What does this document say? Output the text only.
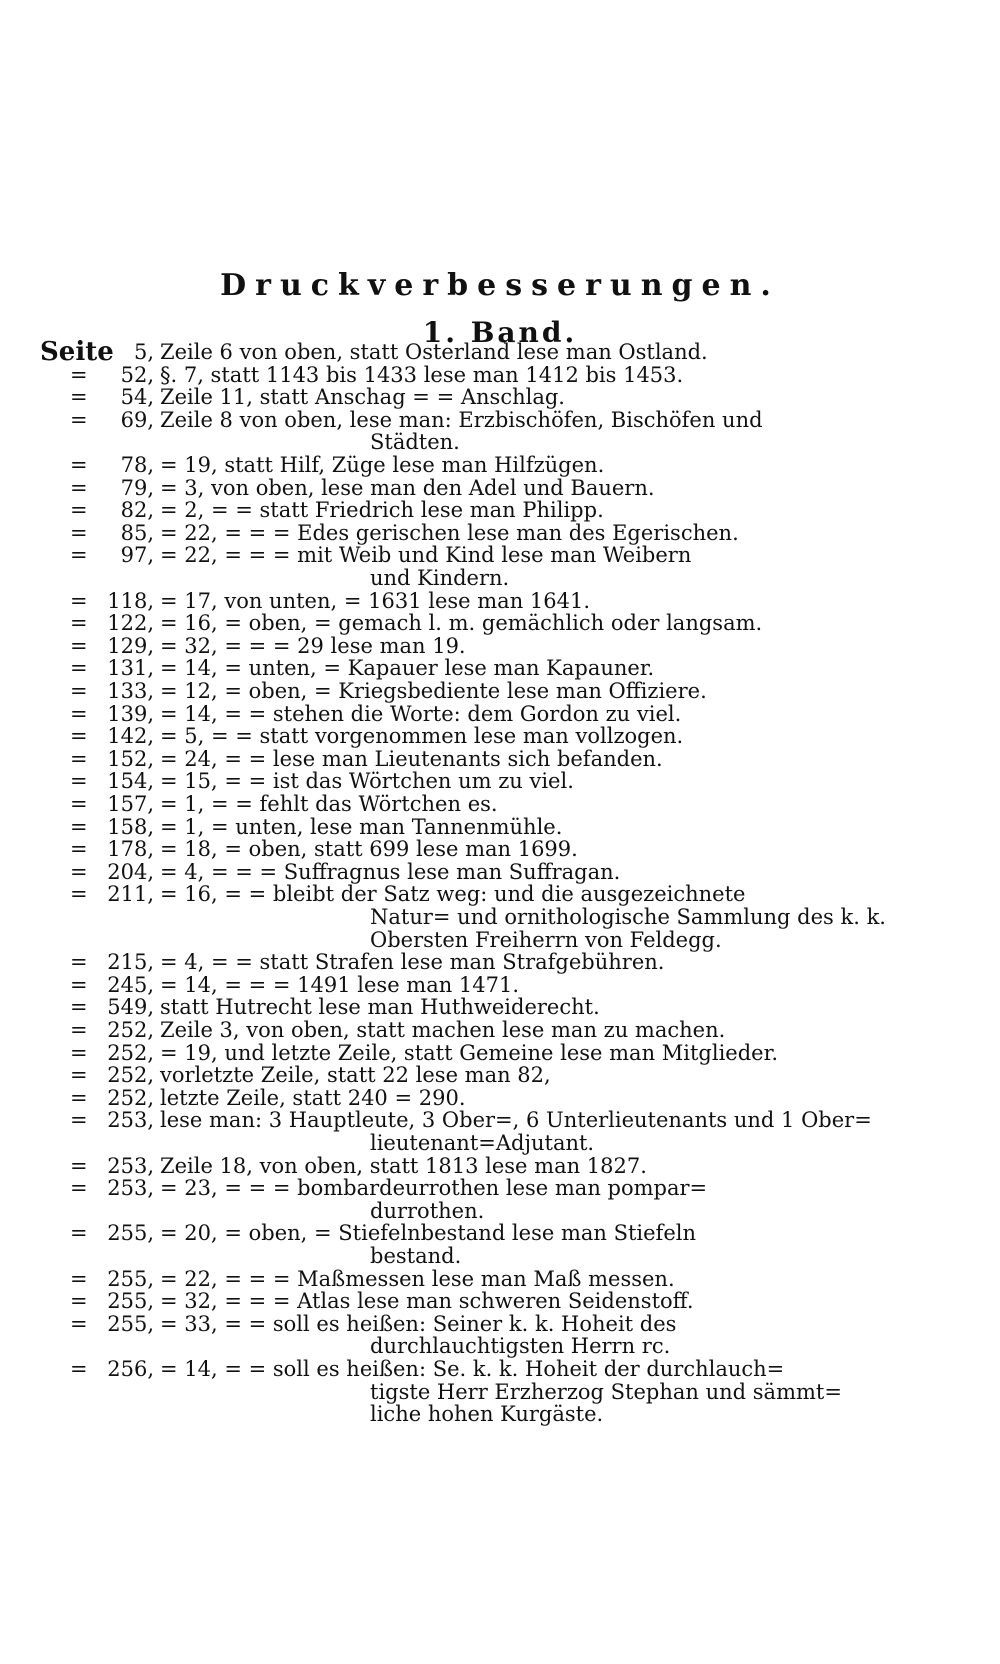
Druckverbesserungen.
1. Band.
Seite 5, Zeile 6 von oben, statt Osterland lese man Ostland.
= 52, §. 7, statt 1143 bis 1433 lese man 1412 bis 1453.
= 54, Zeile 11, statt Anschag = = Anschlag.
= 69, Zeile 8 von oben, lese man: Erzbischöfen, Bischöfen und
Städten.
= 78, = 19, statt Hilf, Züge lese man Hilfzügen.
= 79, = 3, von oben, lese man den Adel und Bauern.
= 82, = 2, = = statt Friedrich lese man Philipp.
= 85, = 22, = = = Edes gerischen lese man des Egerischen.
= 97, = 22, = = = mit Weib und Kind lese man Weibern
und Kindern.
= 118, = 17, von unten, = 1631 lese man 1641.
= 122, = 16, = oben, = gemach l. m. gemächlich oder langsam.
= 129, = 32, = = = 29 lese man 19.
= 131, = 14, = unten, = Kapauer lese man Kapauner.
= 133, = 12, = oben, = Kriegsbediente lese man Offiziere.
= 139, = 14, = = stehen die Worte: dem Gordon zu viel.
= 142, = 5, = = statt vorgenommen lese man vollzogen.
= 152, = 24, = = lese man Lieutenants sich befanden.
= 154, = 15, = = ist das Wörtchen um zu viel.
= 157, = 1, = = fehlt das Wörtchen es.
= 158, = 1, = unten, lese man Tannenmühle.
= 178, = 18, = oben, statt 699 lese man 1699.
= 204, = 4, = = = Suffragnus lese man Suffragan.
= 211, = 16, = = bleibt der Satz weg: und die ausgezeichnete
Natur= und ornithologische Sammlung des k. k.
Obersten Freiherrn von Feldegg.
= 215, = 4, = = statt Strafen lese man Strafgebühren.
= 245, = 14, = = = 1491 lese man 1471.
= 549, statt Hutrecht lese man Huthweiderecht.
= 252, Zeile 3, von oben, statt machen lese man zu machen.
= 252, = 19, und letzte Zeile, statt Gemeine lese man Mitglieder.
= 252, vorletzte Zeile, statt 22 lese man 82,
= 252, letzte Zeile, statt 240 = 290.
= 253, lese man: 3 Hauptleute, 3 Ober=, 6 Unterlieutenants und 1 Ober=
lieutenant=Adjutant.
= 253, Zeile 18, von oben, statt 1813 lese man 1827.
= 253, = 23, = = = bombardeurrothen lese man pompar=
durrothen.
= 255, = 20, = oben, = Stiefelnbestand lese man Stiefeln
bestand.
= 255, = 22, = = = Maßmessen lese man Maß messen.
= 255, = 32, = = = Atlas lese man schweren Seidenstoff.
= 255, = 33, = = soll es heißen: Seiner k. k. Hoheit des
durchlauchtigsten Herrn rc.
= 256, = 14, = = soll es heißen: Se. k. k. Hoheit der durchlauch=
tigste Herr Erzherzog Stephan und sämmt=
liche hohen Kurgäste.
